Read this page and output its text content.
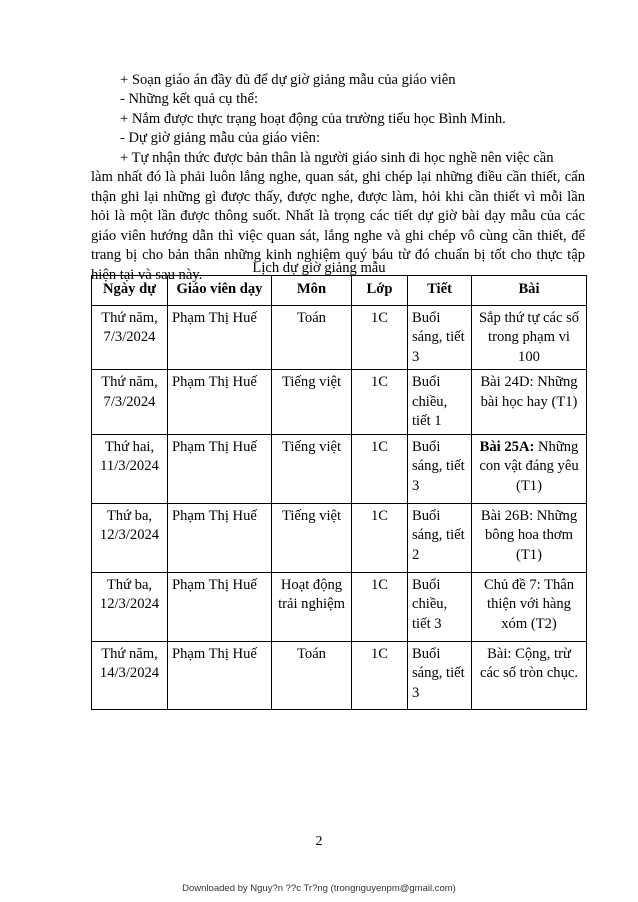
+ Soạn giáo án đầy đủ để dự giờ giảng mẫu của giáo viên
- Những kết quả cụ thể:
+ Nắm được thực trạng hoạt động của trường tiểu học Bình Minh.
- Dự giờ giảng mẫu của giáo viên:
+ Tự nhận thức được bản thân là người giáo sinh đi học nghề nên việc cần
làm nhất đó là phải luôn lắng nghe, quan sát, ghi chép lại những điều cần thiết, cẩn thận ghi lại những gì được thấy, được nghe, được làm, hỏi khi cần thiết vì mỗi lần hỏi là một lần được thông suốt. Nhất là trọng các tiết dự giờ bài dạy mẫu của các giáo viên hướng dẫn thì việc quan sát, lắng nghe và ghi chép vô cùng cần thiết, để trang bị cho bản thân những kinh nghiệm quý báu từ đó chuẩn bị tốt cho thực tập hiện tại và sau này.	Lịch dự giờ giảng mẫu
Ngày dự	Giáo viên dạy	Môn	Lớp	Tiết	Bài
Thứ năm, 7/3/2024	Phạm Thị Huế	Toán	1C	Buổi sáng, tiết 3	Sắp thứ tự các số trong phạm vi 100
Thứ năm, 7/3/2024	Phạm Thị Huế	Tiếng việt	1C	Buổi chiều, tiết 1	Bài 24D: Những bài học hay (T1)
Thứ hai, 11/3/2024	Phạm Thị Huế	Tiếng việt	1C	Buổi sáng, tiết 3	Bài 25A: Những con vật đáng yêu (T1)
Thứ ba, 12/3/2024	Phạm Thị Huế	Tiếng việt	1C	Buổi sáng, tiết 2	Bài 26B: Những bông hoa thơm (T1)
Thứ ba, 12/3/2024	Phạm Thị Huế	Hoạt động trải nghiệm	1C	Buổi chiều, tiết 3	Chủ đề 7: Thân thiện với hàng xóm (T2)
Thứ năm, 14/3/2024	Phạm Thị Huế	Toán	1C	Buổi sáng, tiết 3	Bài: Cộng, trừ các số tròn chục.
2
Downloaded by Nguy?n ??c Tr?ng (trongnguyenpm@gmail.com)
